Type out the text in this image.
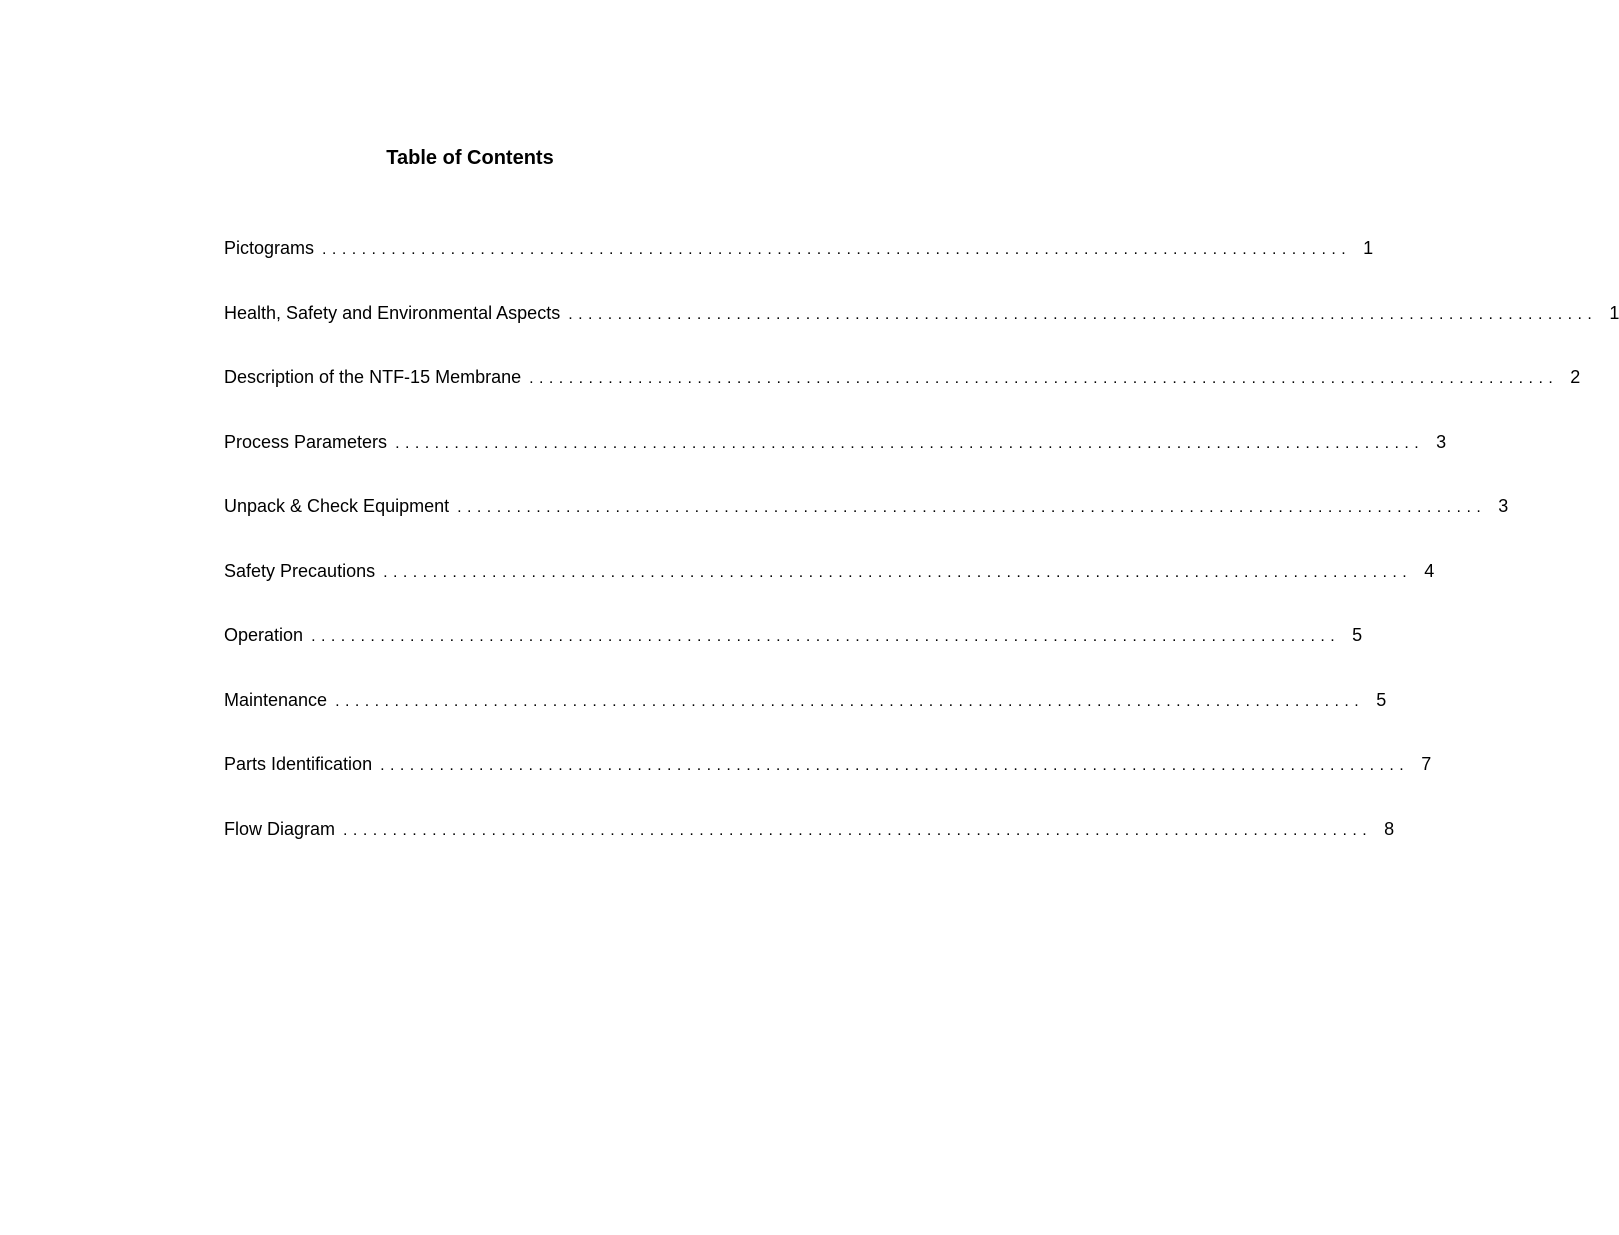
Table of Contents
Pictograms ........................................................................................................ 1
Health, Safety and Environmental Aspects ........................................................................................................ 1
Description of the NTF-15 Membrane ........................................................................................................ 2
Process Parameters ........................................................................................................ 3
Unpack & Check Equipment ........................................................................................................ 3
Safety Precautions ........................................................................................................ 4
Operation ........................................................................................................ 5
Maintenance ........................................................................................................ 5
Parts Identification ........................................................................................................ 7
Flow Diagram ........................................................................................................ 8
